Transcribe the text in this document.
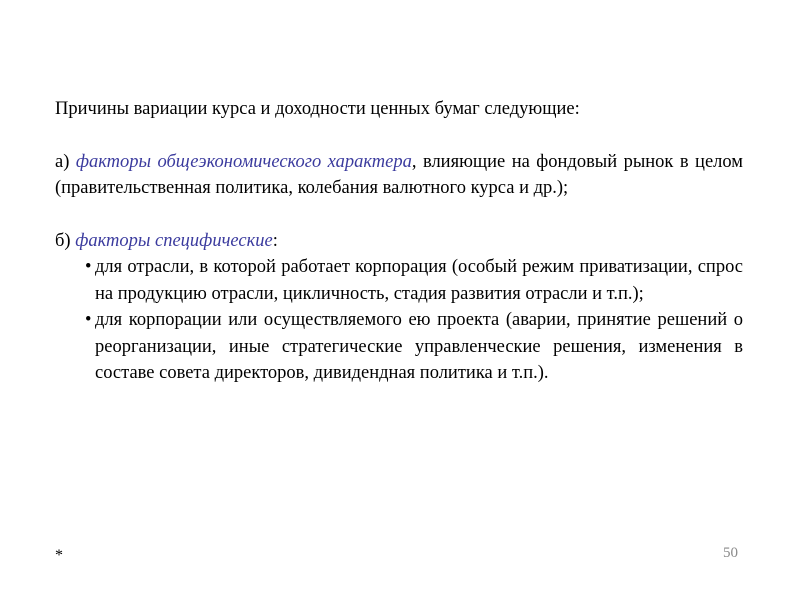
Причины вариации курса и доходности ценных бумаг следующие:

а) факторы общеэкономического характера, влияющие на фондовый рынок в целом (правительственная политика, колебания валютного курса и др.);

б) факторы специфические:

• для отрасли, в которой работает корпорация (особый режим приватизации, спрос на продукцию отрасли, цикличность, стадия развития отрасли и т.п.);
• для корпорации или осуществляемого ею проекта (аварии, принятие решений о реорганизации, иные стратегические управленческие решения, изменения в составе совета директоров, дивидендная политика и т.п.).
*	50
